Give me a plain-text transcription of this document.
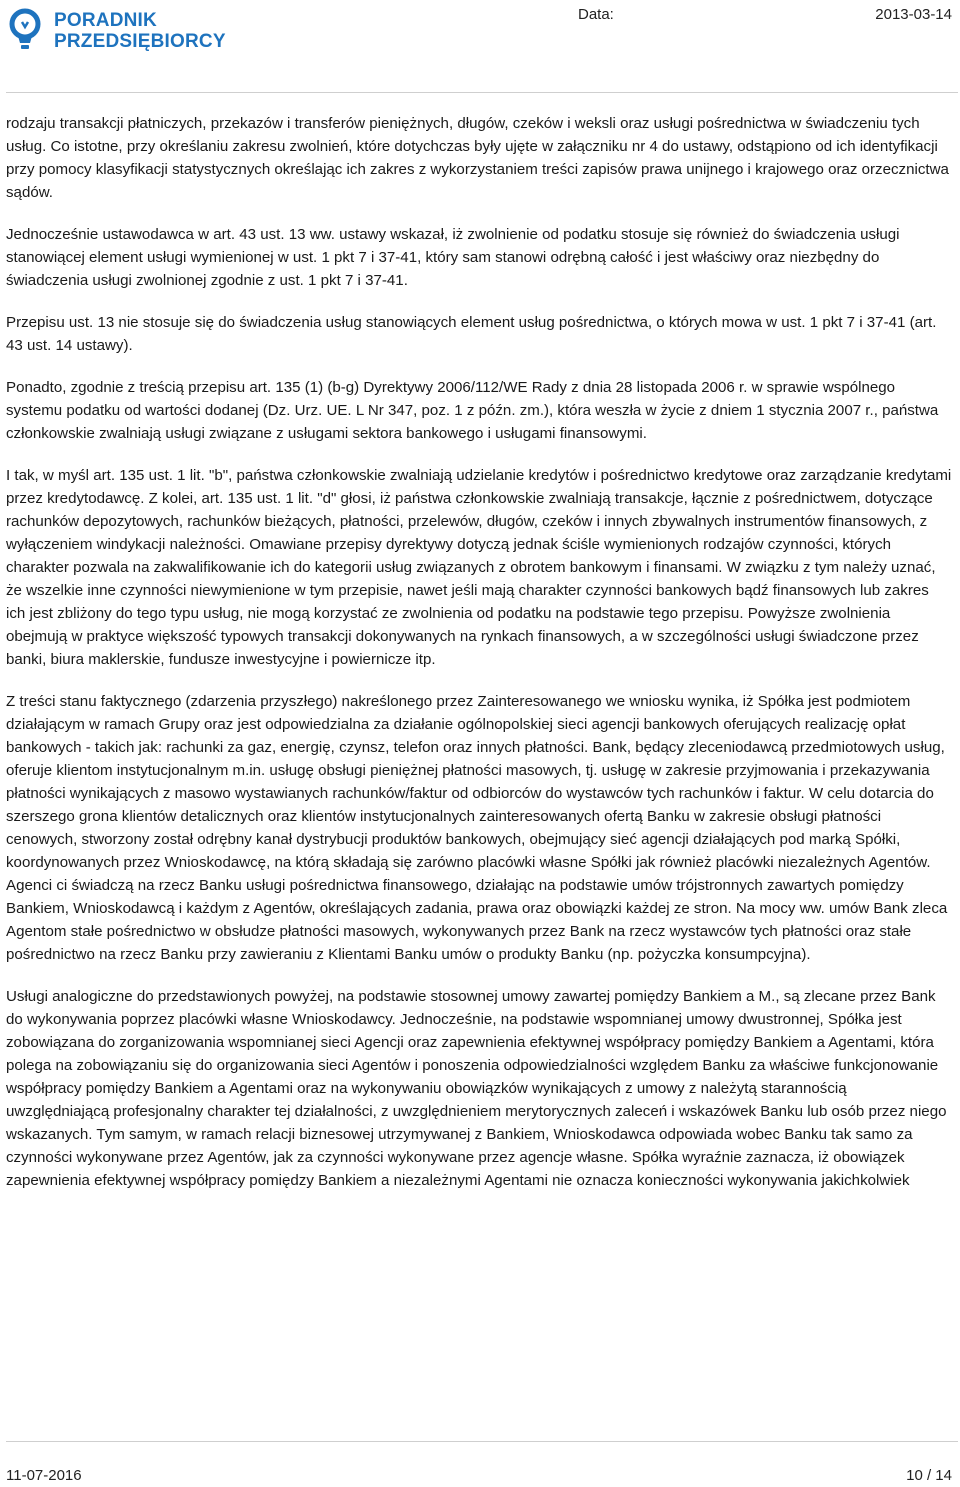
PORADNIK
PRZEDSIĘBIORCY
Data:	2013-03-14

rodzaju transakcji płatniczych, przekazów i transferów pieniężnych, długów, czeków i weksli oraz usługi pośrednictwa w świadczeniu tych usług. Co istotne, przy określaniu zakresu zwolnień, które dotychczas były ujęte w załączniku nr 4 do ustawy, odstąpiono od ich identyfikacji przy pomocy klasyfikacji statystycznych określając ich zakres z wykorzystaniem treści zapisów prawa unijnego i krajowego oraz orzecznictwa sądów.

Jednocześnie ustawodawca w art. 43 ust. 13 ww. ustawy wskazał, iż zwolnienie od podatku stosuje się również do świadczenia usługi stanowiącej element usługi wymienionej w ust. 1 pkt 7 i 37-41, który sam stanowi odrębną całość i jest właściwy oraz niezbędny do świadczenia usługi zwolnionej zgodnie z ust. 1 pkt 7 i 37-41.

Przepisu ust. 13 nie stosuje się do świadczenia usług stanowiących element usług pośrednictwa, o których mowa w ust. 1 pkt 7 i 37-41 (art. 43 ust. 14 ustawy).

Ponadto, zgodnie z treścią przepisu art. 135 (1) (b-g) Dyrektywy 2006/112/WE Rady z dnia 28 listopada 2006 r. w sprawie wspólnego systemu podatku od wartości dodanej (Dz. Urz. UE. L Nr 347, poz. 1 z późn. zm.), która weszła w życie z dniem 1 stycznia 2007 r., państwa członkowskie zwalniają usługi związane z usługami sektora bankowego i usługami finansowymi.

I tak, w myśl art. 135 ust. 1 lit. "b", państwa członkowskie zwalniają udzielanie kredytów i pośrednictwo kredytowe oraz zarządzanie kredytami przez kredytodawcę. Z kolei, art. 135 ust. 1 lit. "d" głosi, iż państwa członkowskie zwalniają transakcje, łącznie z pośrednictwem, dotyczące rachunków depozytowych, rachunków bieżących, płatności, przelewów, długów, czeków i innych zbywalnych instrumentów finansowych, z wyłączeniem windykacji należności. Omawiane przepisy dyrektywy dotyczą jednak ściśle wymienionych rodzajów czynności, których charakter pozwala na zakwalifikowanie ich do kategorii usług związanych z obrotem bankowym i finansami. W związku z tym należy uznać, że wszelkie inne czynności niewymienione w tym przepisie, nawet jeśli mają charakter czynności bankowych bądź finansowych lub zakres ich jest zbliżony do tego typu usług, nie mogą korzystać ze zwolnienia od podatku na podstawie tego przepisu. Powyższe zwolnienia obejmują w praktyce większość typowych transakcji dokonywanych na rynkach finansowych, a w szczególności usługi świadczone przez banki, biura maklerskie, fundusze inwestycyjne i powiernicze itp.

Z treści stanu faktycznego (zdarzenia przyszłego) nakreślonego przez Zainteresowanego we wniosku wynika, iż Spółka jest podmiotem działającym w ramach Grupy oraz jest odpowiedzialna za działanie ogólnopolskiej sieci agencji bankowych oferujących realizację opłat bankowych - takich jak: rachunki za gaz, energię, czynsz, telefon oraz innych płatności. Bank, będący zleceniodawcą przedmiotowych usług, oferuje klientom instytucjonalnym m.in. usługę obsługi pieniężnej płatności masowych, tj. usługę w zakresie przyjmowania i przekazywania płatności wynikających z masowo wystawianych rachunków/faktur od odbiorców do wystawców tych rachunków i faktur. W celu dotarcia do szerszego grona klientów detalicznych oraz klientów instytucjonalnych zainteresowanych ofertą Banku w zakresie obsługi płatności cenowych, stworzony został odrębny kanał dystrybucji produktów bankowych, obejmujący sieć agencji działających pod marką Spółki, koordynowanych przez Wnioskodawcę, na którą składają się zarówno placówki własne Spółki jak również placówki niezależnych Agentów. Agenci ci świadczą na rzecz Banku usługi pośrednictwa finansowego, działając na podstawie umów trójstronnych zawartych pomiędzy Bankiem, Wnioskodawcą i każdym z Agentów, określających zadania, prawa oraz obowiązki każdej ze stron. Na mocy ww. umów Bank zleca Agentom stałe pośrednictwo w obsłudze płatności masowych, wykonywanych przez Bank na rzecz wystawców tych płatności oraz stałe pośrednictwo na rzecz Banku przy zawieraniu z Klientami Banku umów o produkty Banku (np. pożyczka konsumpcyjna).

Usługi analogiczne do przedstawionych powyżej, na podstawie stosownej umowy zawartej pomiędzy Bankiem a M., są zlecane przez Bank do wykonywania poprzez placówki własne Wnioskodawcy. Jednocześnie, na podstawie wspomnianej umowy dwustronnej, Spółka jest zobowiązana do zorganizowania wspomnianej sieci Agencji oraz zapewnienia efektywnej współpracy pomiędzy Bankiem a Agentami, która polega na zobowiązaniu się do organizowania sieci Agentów i ponoszenia odpowiedzialności względem Banku za właściwe funkcjonowanie współpracy pomiędzy Bankiem a Agentami oraz na wykonywaniu obowiązków wynikających z umowy z należytą starannością uwzględniającą profesjonalny charakter tej działalności, z uwzględnieniem merytorycznych zaleceń i wskazówek Banku lub osób przez niego wskazanych. Tym samym, w ramach relacji biznesowej utrzymywanej z Bankiem, Wnioskodawca odpowiada wobec Banku tak samo za czynności wykonywane przez Agentów, jak za czynności wykonywane przez agencje własne. Spółka wyraźnie zaznacza, iż obowiązek zapewnienia efektywnej współpracy pomiędzy Bankiem a niezależnymi Agentami nie oznacza konieczności wykonywania jakichkolwiek

11-07-2016	10 / 14
